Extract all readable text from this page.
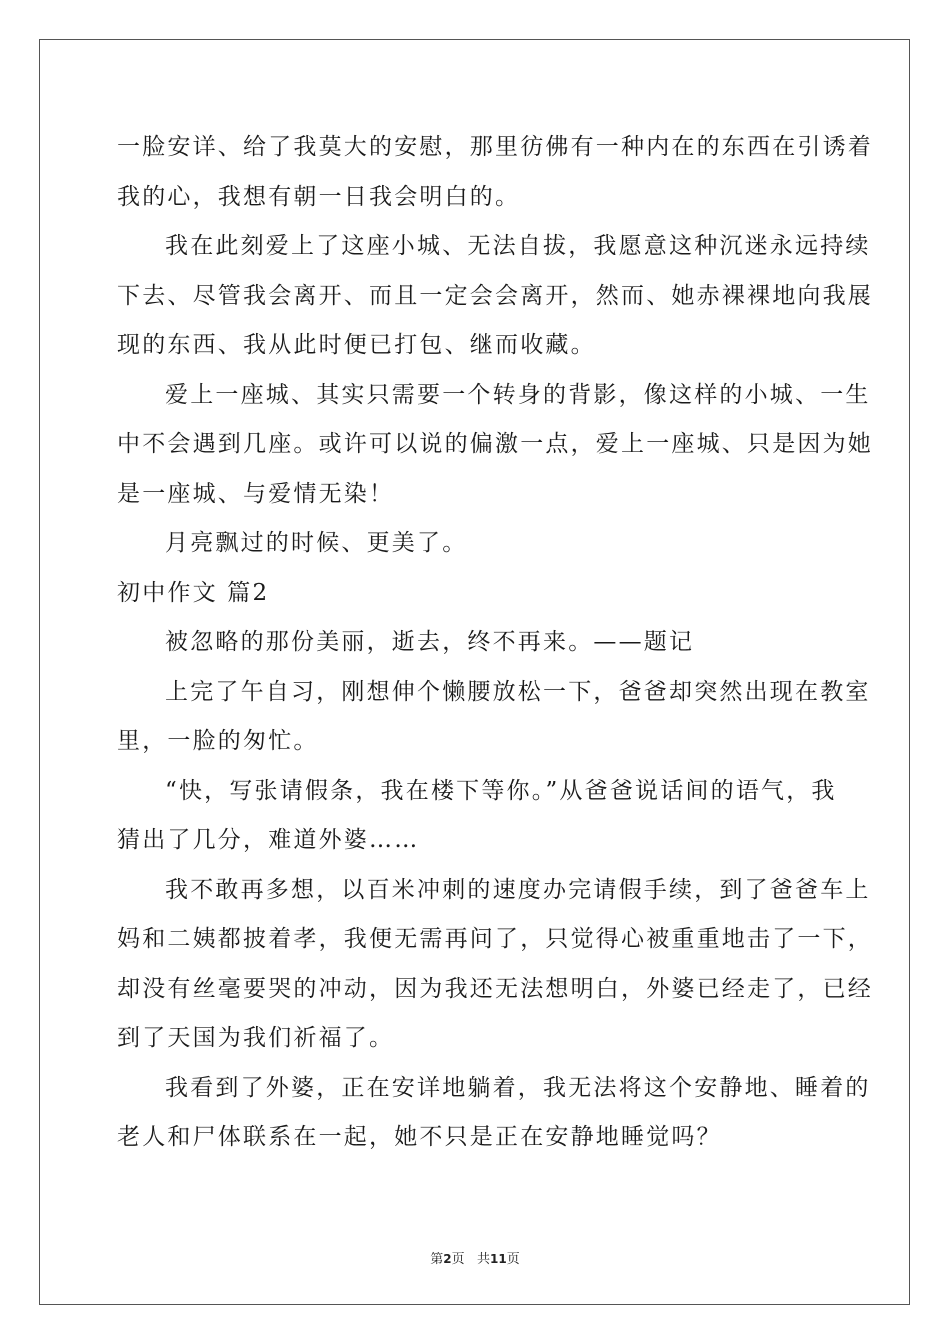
一脸安详、给了我莫大的安慰，那里彷佛有一种内在的东西在引诱着
我的心，我想有朝一日我会明白的。
我在此刻爱上了这座小城、无法自拔，我愿意这种沉迷永远持续
下去、尽管我会离开、而且一定会会离开，然而、她赤裸裸地向我展
现的东西、我从此时便已打包、继而收藏。
爱上一座城、其实只需要一个转身的背影，像这样的小城、一生
中不会遇到几座。或许可以说的偏激一点，爱上一座城、只是因为她
是一座城、与爱情无染！
月亮飘过的时候、更美了。
初中作文 篇2
被忽略的那份美丽，逝去，终不再来。——题记
上完了午自习，刚想伸个懒腰放松一下，爸爸却突然出现在教室
里，一脸的匆忙。
“快，写张请假条，我在楼下等你。”从爸爸说话间的语气，我
猜出了几分，难道外婆……
我不敢再多想，以百米冲刺的速度办完请假手续，到了爸爸车上
妈和二姨都披着孝，我便无需再问了，只觉得心被重重地击了一下，
却没有丝毫要哭的冲动，因为我还无法想明白，外婆已经走了，已经
到了天国为我们祈福了。
我看到了外婆，正在安详地躺着，我无法将这个安静地、睡着的
老人和尸体联系在一起，她不只是正在安静地睡觉吗？
第2页 共11页
